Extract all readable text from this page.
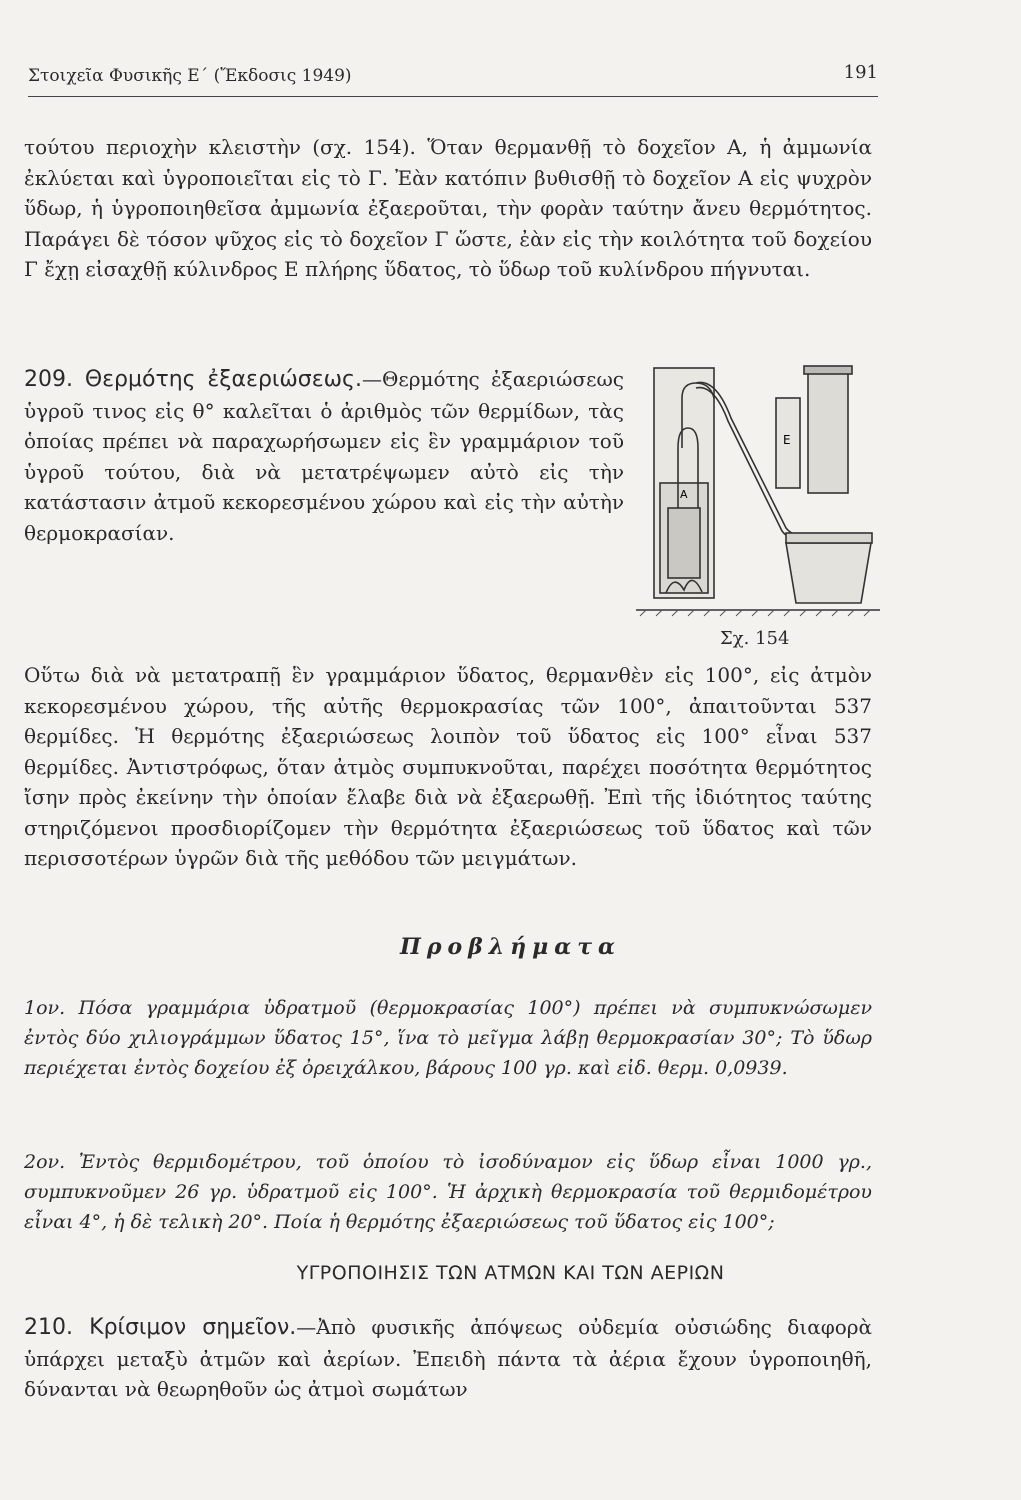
Στοιχεῖα Φυσικῆς Ε΄ (Ἔκδοσις 1949)	191

τούτου περιοχὴν κλειστὴν (σχ. 154). Ὅταν θερμανθῇ τὸ δοχεῖον Α, ἡ ἀμμωνία ἐκλύεται καὶ ὑγροποιεῖται εἰς τὸ Γ. Ἐὰν κατόπιν βυθισθῇ τὸ δοχεῖον Α εἰς ψυχρὸν ὕδωρ, ἡ ὑγροποιηθεῖσα ἀμμωνία ἐξαεροῦται, τὴν φορὰν ταύτην ἄνευ θερμότητος. Παράγει δὲ τόσον ψῦχος εἰς τὸ δοχεῖον Γ ὥστε, ἐὰν εἰς τὴν κοιλότητα τοῦ δοχείου Γ ἔχῃ εἰσαχθῇ κύλινδρος Ε πλήρης ὕδατος, τὸ ὕδωρ τοῦ κυλίνδρου πήγνυται.

209. Θερμότης ἐξαεριώσεως.—Θερμότης ἐξαεριώσεως ὑγροῦ τινος εἰς θ° καλεῖται ὁ ἀριθμὸς τῶν θερμίδων, τὰς ὁποίας πρέπει νὰ παραχωρήσωμεν εἰς ἓν γραμμάριον τοῦ ὑγροῦ τούτου, διὰ νὰ μετατρέψωμεν αὐτὸ εἰς τὴν κατάστασιν ἀτμοῦ κεκορεσμένου χώρου καὶ εἰς τὴν αὐτὴν θερμοκρασίαν.

Οὕτω διὰ νὰ μετατραπῇ ἓν γραμμάριον ὕδατος, θερμανθὲν εἰς 100°, εἰς ἀτμὸν κεκορεσμένου χώρου, τῆς αὐτῆς θερμοκρασίας τῶν 100°, ἀπαιτοῦνται 537 θερμίδες. Ἡ θερμότης ἐξαεριώσεως λοιπὸν τοῦ ὕδατος εἰς 100° εἶναι 537 θερμίδες. Ἀντιστρόφως, ὅταν ἀτμὸς συμπυκνοῦται, παρέχει ποσότητα θερμότητος ἴσην πρὸς ἐκείνην τὴν ὁποίαν ἔλαβε διὰ νὰ ἐξαερωθῇ. Ἐπὶ τῆς ἰδιότητος ταύτης στηριζόμενοι προσδιορίζομεν τὴν θερμότητα ἐξαεριώσεως τοῦ ὕδατος καὶ τῶν περισσοτέρων ὑγρῶν διὰ τῆς μεθόδου τῶν μειγμάτων.

Ε
Α
Σχ. 154
Προβλήματα

1ον. Πόσα γραμμάρια ὑδρατμοῦ (θερμοκρασίας 100°) πρέπει νὰ συμπυκνώσωμεν ἐντὸς δύο χιλιογράμμων ὕδατος 15°, ἵνα τὸ μεῖγμα λάβῃ θερμοκρασίαν 30°; Τὸ ὕδωρ περιέχεται ἐντὸς δοχείου ἐξ ὀρειχάλκου, βάρους 100 γρ. καὶ εἰδ. θερμ. 0,0939.

2ον. Ἐντὸς θερμιδομέτρου, τοῦ ὁποίου τὸ ἰσοδύναμον εἰς ὕδωρ εἶναι 1000 γρ., συμπυκνοῦμεν 26 γρ. ὑδρατμοῦ εἰς 100°. Ἡ ἀρχικὴ θερμοκρασία τοῦ θερμιδομέτρου εἶναι 4°, ἡ δὲ τελικὴ 20°. Ποία ἡ θερμότης ἐξαεριώσεως τοῦ ὕδατος εἰς 100°;

ΥΓΡΟΠΟΙΗΣΙΣ ΤΩΝ ΑΤΜΩΝ ΚΑΙ ΤΩΝ ΑΕΡΙΩΝ

210. Κρίσιμον σημεῖον.—Ἀπὸ φυσικῆς ἀπόψεως οὐδεμία οὐσιώδης διαφορὰ ὑπάρχει μεταξὺ ἀτμῶν καὶ ἀερίων. Ἐπειδὴ πάντα τὰ ἀέρια ἔχουν ὑγροποιηθῆ, δύνανται νὰ θεωρηθοῦν ὡς ἀτμοὶ σωμάτων
